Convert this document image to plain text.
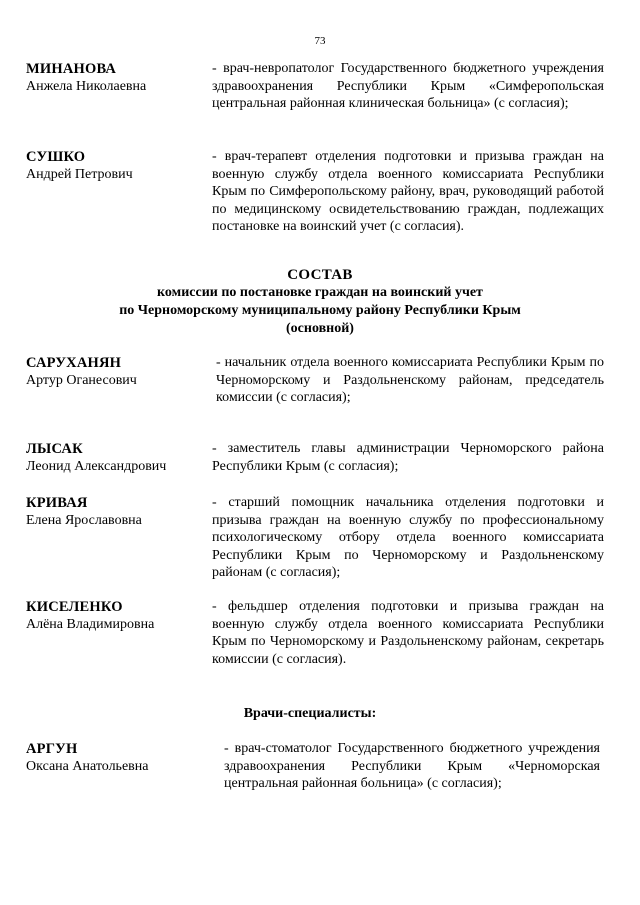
73
МИНАНОВА
Анжела Николаевна
- врач-невропатолог Государственного бюджетного учреждения здравоохранения Республики Крым «Симферопольская центральная районная клиническая больница» (с согласия);
СУШКО
Андрей Петрович
- врач-терапевт отделения подготовки и призыва граждан на военную службу отдела военного комиссариата Республики Крым по Симферопольскому району, врач, руководящий работой по медицинскому освидетельствованию граждан, подлежащих постановке на воинский учет (с согласия).
СОСТАВ
комиссии по постановке граждан на воинский учет
по Черноморскому муниципальному району Республики Крым
(основной)
САРУХАНЯН
Артур Оганесович
- начальник отдела военного комиссариата Республики Крым по Черноморскому и Раздольненскому районам, председатель комиссии (с согласия);
ЛЫСАК
Леонид Александрович
- заместитель главы администрации Черноморского района Республики Крым (с согласия);
КРИВАЯ
Елена Ярославовна
- старший помощник начальника отделения подготовки и призыва граждан на военную службу по профессиональному психологическому отбору отдела военного комиссариата Республики Крым по Черноморскому и Раздольненскому районам (с согласия);
КИСЕЛЕНКО
Алёна Владимировна
- фельдшер отделения подготовки и призыва граждан на военную службу отдела военного комиссариата Республики Крым по Черноморскому и Раздольненскому районам, секретарь комиссии (с согласия).
Врачи-специалисты:
АРГУН
Оксана Анатольевна
- врач-стоматолог Государственного бюджетного учреждения здравоохранения Республики Крым «Черноморская центральная районная больница» (с согласия);
